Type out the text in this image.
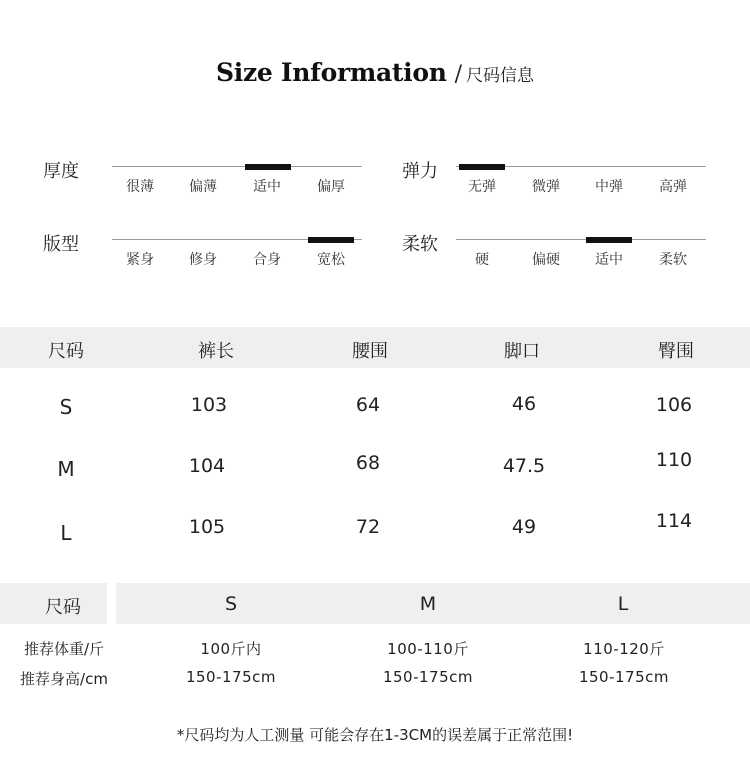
Size Information / 尺码信息
厚度
很薄	偏薄	适中	偏厚
弹力
无弹	微弹	中弹	高弹
版型
紧身	修身	合身	宽松
柔软
硬	偏硬	适中	柔软
尺码	裤长	腰围	脚口	臀围
S	103	64	46	106
M	104	68	47.5	110
L	105	72	49	114
尺码	S	M	L
推荐体重/斤	100斤内	100-110斤	110-120斤
推荐身高/cm	150-175cm	150-175cm	150-175cm
*尺码均为人工测量 可能会存在1-3CM的误差属于正常范围!
